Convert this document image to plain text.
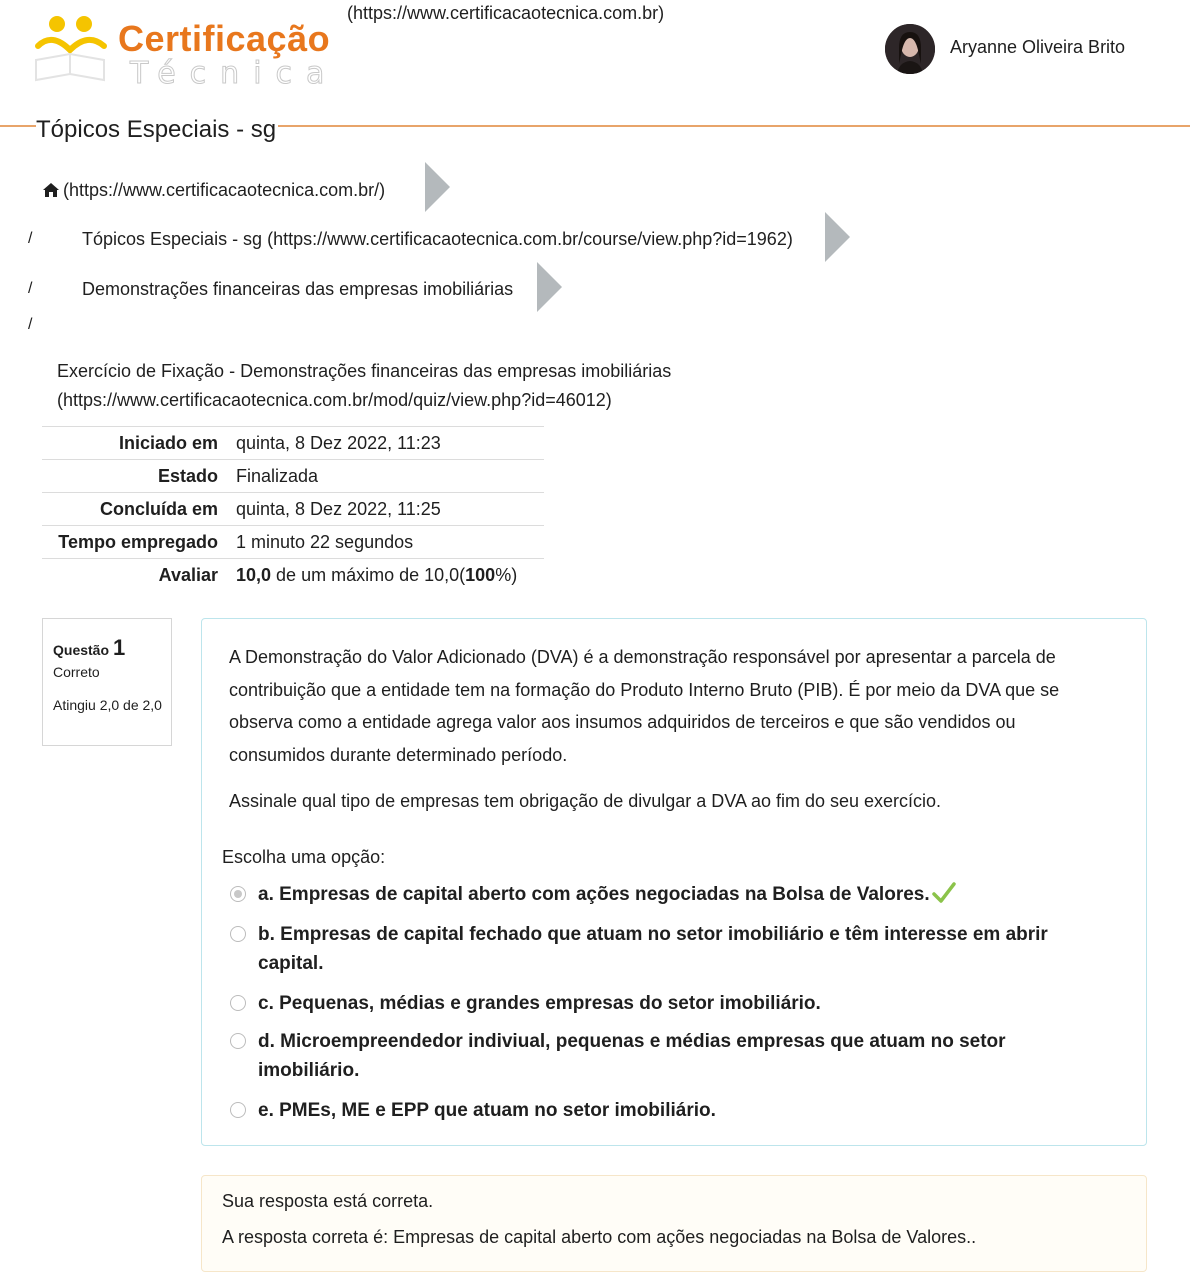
Certificação
Técnica
(https://www.certificacaotecnica.com.br)
Aryanne Oliveira Brito
Tópicos Especiais - sg
(https://www.certificacaotecnica.com.br/)
/	Tópicos Especiais - sg (https://www.certificacaotecnica.com.br/course/view.php?id=1962)
/	Demonstrações financeiras das empresas imobiliárias
/
Exercício de Fixação - Demonstrações financeiras das empresas imobiliárias
(https://www.certificacaotecnica.com.br/mod/quiz/view.php?id=46012)
Iniciado em	quinta, 8 Dez 2022, 11:23
Estado	Finalizada
Concluída em	quinta, 8 Dez 2022, 11:25
Tempo empregado	1 minuto 22 segundos
Avaliar	10,0 de um máximo de 10,0(100%)
Questão 1
Correto
Atingiu 2,0 de 2,0

A Demonstração do Valor Adicionado (DVA) é a demonstração responsável por apresentar a parcela de contribuição que a entidade tem na formação do Produto Interno Bruto (PIB). É por meio da DVA que se observa como a entidade agrega valor aos insumos adquiridos de terceiros e que são vendidos ou consumidos durante determinado período.

Assinale qual tipo de empresas tem obrigação de divulgar a DVA ao fim do seu exercício.

Escolha uma opção:
a. Empresas de capital aberto com ações negociadas na Bolsa de Valores.
b. Empresas de capital fechado que atuam no setor imobiliário e têm interesse em abrir capital.
c. Pequenas, médias e grandes empresas do setor imobiliário.
d. Microempreendedor indiviual, pequenas e médias empresas que atuam no setor imobiliário.
e. PMEs, ME e EPP que atuam no setor imobiliário.
Sua resposta está correta.
A resposta correta é: Empresas de capital aberto com ações negociadas na Bolsa de Valores..
